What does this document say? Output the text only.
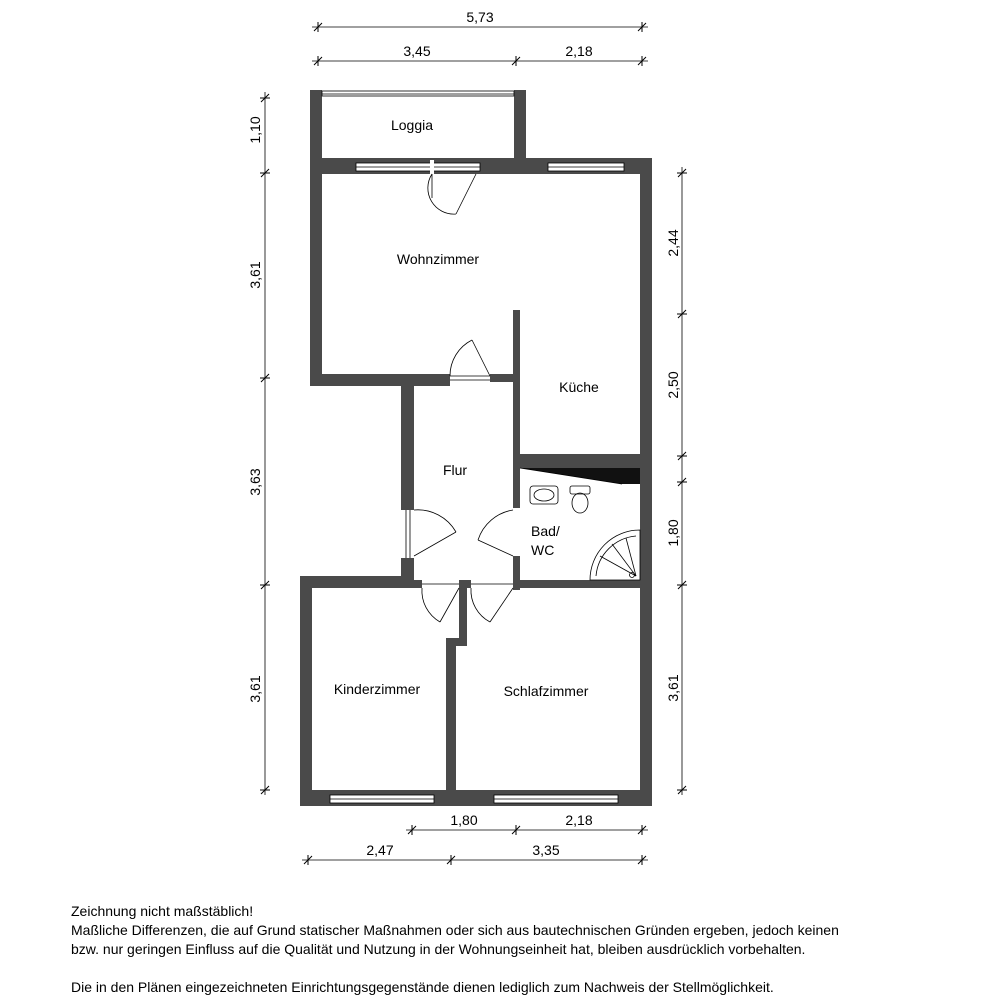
5,73
3,45	2,18
1,10
3,61
3,63
3,61
2,44
2,50
1,80
3,61
1,80	2,18
2,47	3,35
Loggia
Wohnzimmer
Küche
Flur
Bad/
WC
Kinderzimmer	Schlafzimmer

Zeichnung nicht maßstäblich!

Maßliche Differenzen, die auf Grund statischer Maßnahmen oder sich aus bautechnischen Gründen ergeben, jedoch keinen

bzw. nur geringen Einfluss auf die Qualität und Nutzung in der Wohnungseinheit hat, bleiben ausdrücklich vorbehalten.

Die in den Plänen eingezeichneten Einrichtungsgegenstände dienen lediglich zum Nachweis der Stellmöglichkeit.
